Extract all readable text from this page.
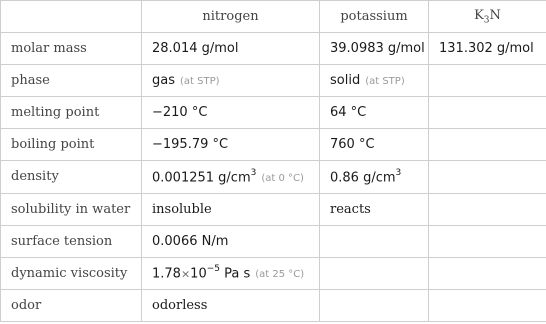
	nitrogen	potassium	$K_3N$
molar mass	28.014 g/mol	39.0983 g/mol	131.302 g/mol
phase	gas (at STP)	solid (at STP)	
melting point	−210 °C	64 °C	
boiling point	−195.79 °C	760 °C	
density	0.001251 $g/cm^3(at$ 0 °C)	0.86 $g/cm^3$	
solubility in water	insoluble	reacts	
surface tension	0.0066 N/m		
dynamic viscosity	$1.78\times 10^{-5}$ Pa s (at 25 °C)		
odor	odorless		
